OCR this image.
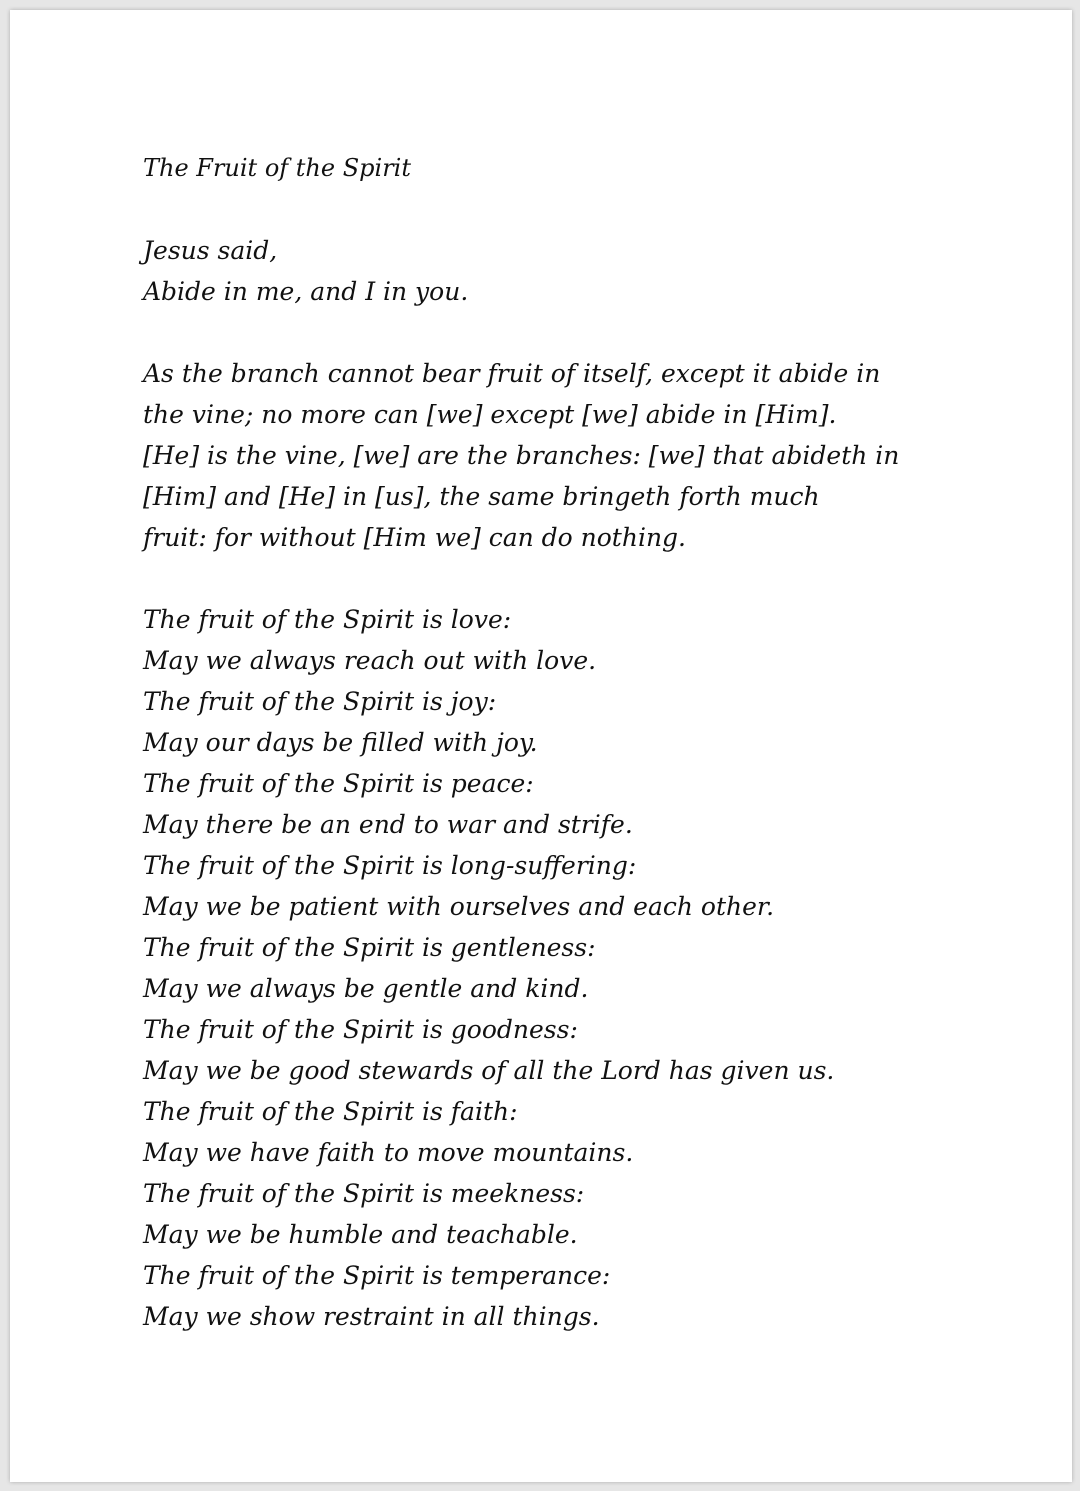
The Fruit of the Spirit
Jesus said,
Abide in me, and I in you.
As the branch cannot bear fruit of itself, except it abide in
the vine; no more can [we] except [we] abide in [Him].
[He] is the vine, [we] are the branches: [we] that abideth in
[Him] and [He] in [us], the same bringeth forth much
fruit: for without [Him we] can do nothing.
The fruit of the Spirit is love:
May we always reach out with love.
The fruit of the Spirit is joy:
May our days be filled with joy.
The fruit of the Spirit is peace:
May there be an end to war and strife.
The fruit of the Spirit is long-suffering:
May we be patient with ourselves and each other.
The fruit of the Spirit is gentleness:
May we always be gentle and kind.
The fruit of the Spirit is goodness:
May we be good stewards of all the Lord has given us.
The fruit of the Spirit is faith:
May we have faith to move mountains.
The fruit of the Spirit is meekness:
May we be humble and teachable.
The fruit of the Spirit is temperance:
May we show restraint in all things.
